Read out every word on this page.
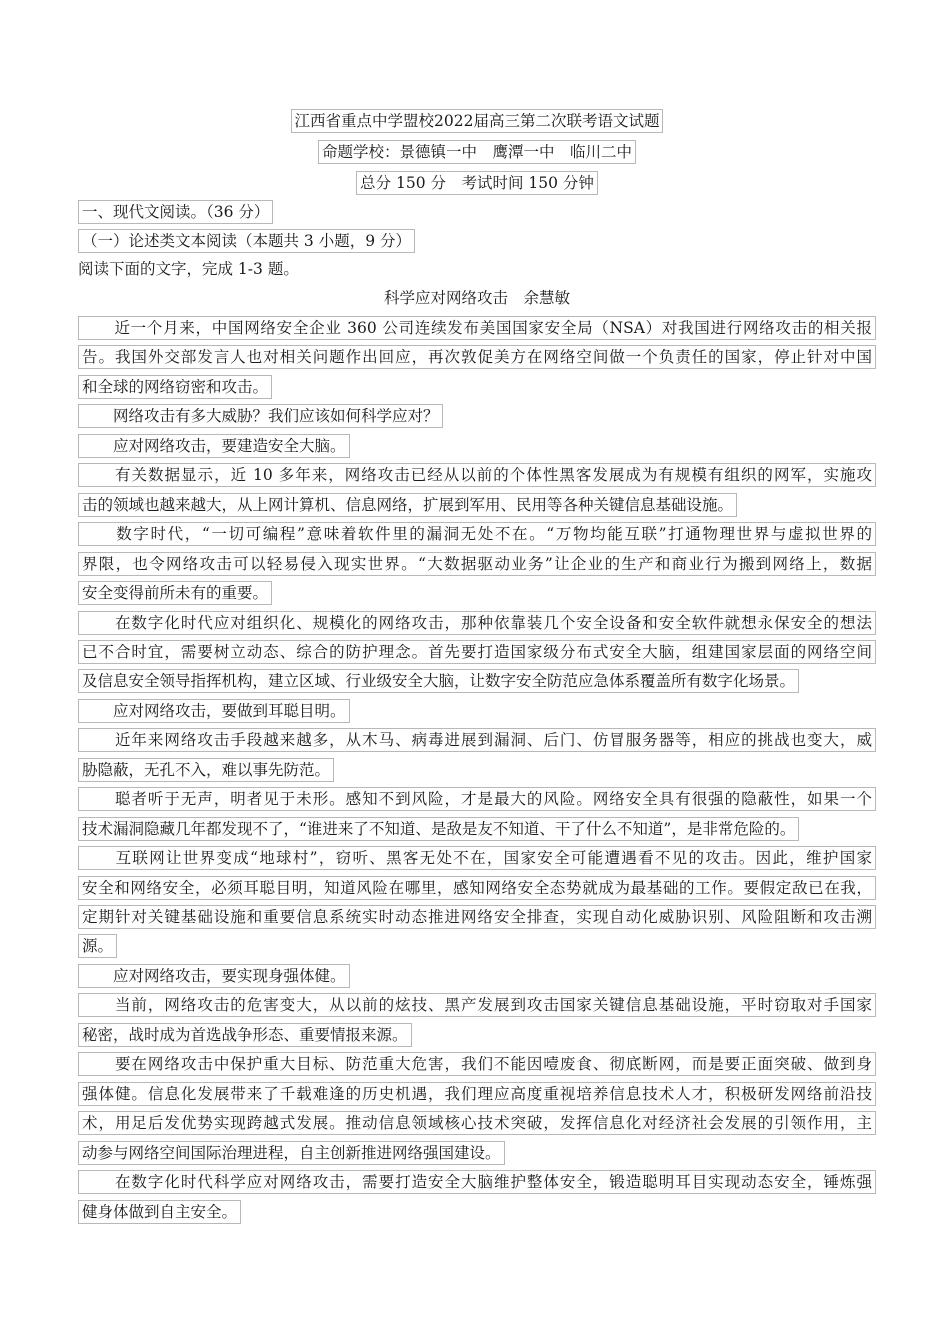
江西省重点中学盟校2022届高三第二次联考语文试题
命题学校：景德镇一中　鹰潭一中　临川二中
总分 150 分　考试时间 150 分钟
一、现代文阅读。（36 分）
（一）论述类文本阅读（本题共 3 小题，9 分）
阅读下面的文字，完成 1-3 题。
科学应对网络攻击　余慧敏
　　近一个月来，中国网络安全企业 360 公司连续发布美国国家安全局（NSA）对我国进行网络攻击的相关报
告。我国外交部发言人也对相关问题作出回应，再次敦促美方在网络空间做一个负责任的国家，停止针对中国
和全球的网络窃密和攻击。
　　网络攻击有多大威胁？我们应该如何科学应对？
　　应对网络攻击，要建造安全大脑。
　　有关数据显示，近 10 多年来，网络攻击已经从以前的个体性黑客发展成为有规模有组织的网军，实施攻
击的领域也越来越大，从上网计算机、信息网络，扩展到军用、民用等各种关键信息基础设施。
　　数字时代，“一切可编程”意味着软件里的漏洞无处不在。“万物均能互联”打通物理世界与虚拟世界的
界限，也令网络攻击可以轻易侵入现实世界。“大数据驱动业务”让企业的生产和商业行为搬到网络上，数据
安全变得前所未有的重要。
　　在数字化时代应对组织化、规模化的网络攻击，那种依靠装几个安全设备和安全软件就想永保安全的想法
已不合时宜，需要树立动态、综合的防护理念。首先要打造国家级分布式安全大脑，组建国家层面的网络空间
及信息安全领导指挥机构，建立区域、行业级安全大脑，让数字安全防范应急体系覆盖所有数字化场景。
　　应对网络攻击，要做到耳聪目明。
　　近年来网络攻击手段越来越多，从木马、病毒进展到漏洞、后门、仿冒服务器等，相应的挑战也变大，威
胁隐蔽，无孔不入，难以事先防范。
　　聪者听于无声，明者见于未形。感知不到风险，才是最大的风险。网络安全具有很强的隐蔽性，如果一个
技术漏洞隐藏几年都发现不了，“谁进来了不知道、是敌是友不知道、干了什么不知道”，是非常危险的。
　　互联网让世界变成“地球村”，窃听、黑客无处不在，国家安全可能遭遇看不见的攻击。因此，维护国家
安全和网络安全，必须耳聪目明，知道风险在哪里，感知网络安全态势就成为最基础的工作。要假定敌已在我，
定期针对关键基础设施和重要信息系统实时动态推进网络安全排查，实现自动化威胁识别、风险阻断和攻击溯
源。
　　应对网络攻击，要实现身强体健。
　　当前，网络攻击的危害变大，从以前的炫技、黑产发展到攻击国家关键信息基础设施，平时窃取对手国家
秘密，战时成为首选战争形态、重要情报来源。
　　要在网络攻击中保护重大目标、防范重大危害，我们不能因噎废食、彻底断网，而是要正面突破、做到身
强体健。信息化发展带来了千载难逢的历史机遇，我们理应高度重视培养信息技术人才，积极研发网络前沿技
术，用足后发优势实现跨越式发展。推动信息领域核心技术突破，发挥信息化对经济社会发展的引领作用，主
动参与网络空间国际治理进程，自主创新推进网络强国建设。
　　在数字化时代科学应对网络攻击，需要打造安全大脑维护整体安全，锻造聪明耳目实现动态安全，锤炼强
健身体做到自主安全。
